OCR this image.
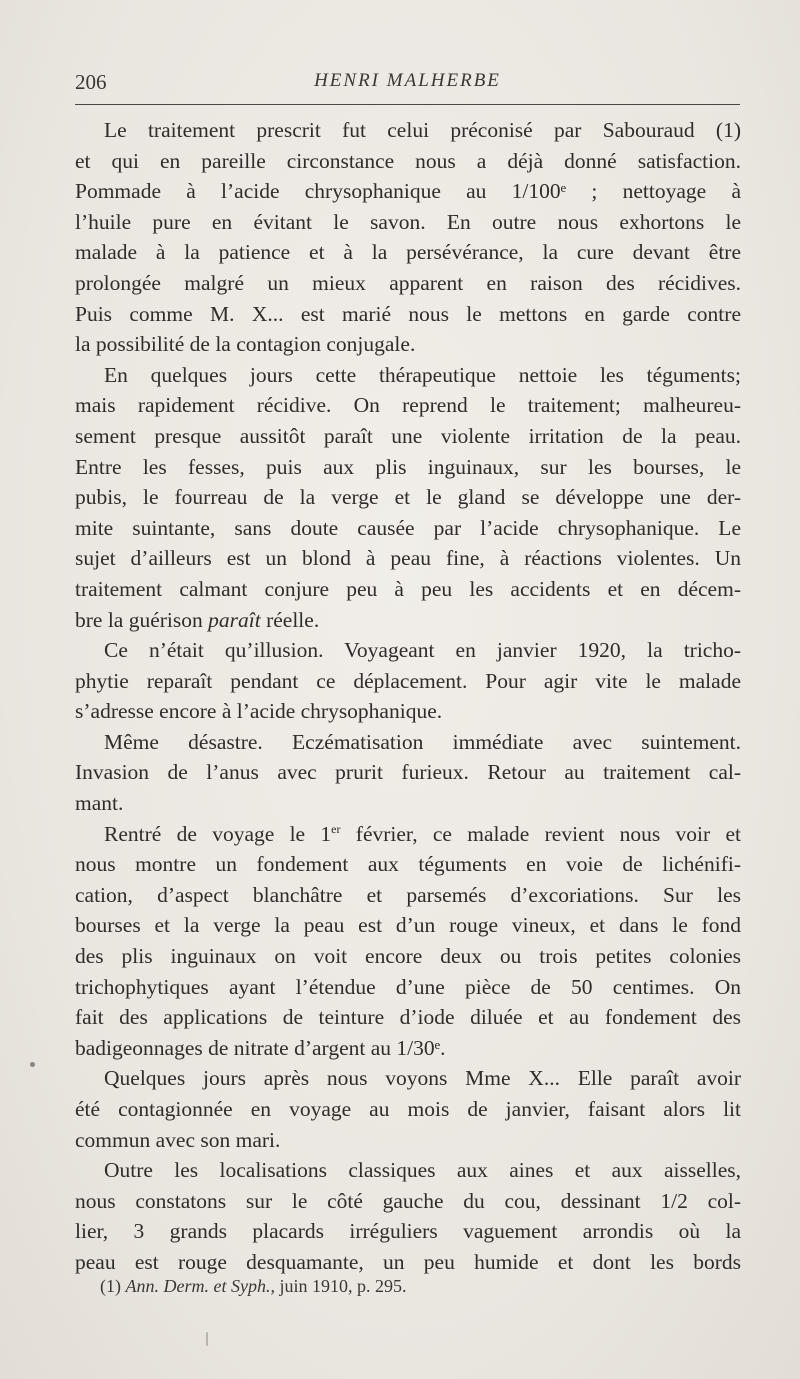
206	HENRI MALHERBE

Le traitement prescrit fut celui préconisé par Sabouraud (1)
et qui en pareille circonstance nous a déjà donné satisfaction.
Pommade à l’acide chrysophanique au 1/100ᵉ ; nettoyage à
l’huile pure en évitant le savon. En outre nous exhortons le
malade à la patience et à la persévérance, la cure devant être
prolongée malgré un mieux apparent en raison des récidives.
Puis comme M. X... est marié nous le mettons en garde contre
la possibilité de la contagion conjugale.

En quelques jours cette thérapeutique nettoie les téguments;
mais rapidement récidive. On reprend le traitement; malheureu-
sement presque aussitôt paraît une violente irritation de la peau.
Entre les fesses, puis aux plis inguinaux, sur les bourses, le
pubis, le fourreau de la verge et le gland se développe une der-
mite suintante, sans doute causée par l’acide chrysophanique. Le
sujet d’ailleurs est un blond à peau fine, à réactions violentes. Un
traitement calmant conjure peu à peu les accidents et en décem-
bre la guérison paraît réelle.

Ce n’était qu’illusion. Voyageant en janvier 1920, la tricho-
phytie reparaît pendant ce déplacement. Pour agir vite le malade
s’adresse encore à l’acide chrysophanique.

Même désastre. Eczématisation immédiate avec suintement.
Invasion de l’anus avec prurit furieux. Retour au traitement cal-
mant.

Rentré de voyage le 1er février, ce malade revient nous voir et
nous montre un fondement aux téguments en voie de lichénifi-
cation, d’aspect blanchâtre et parsemés d’excoriations. Sur les
bourses et la verge la peau est d’un rouge vineux, et dans le fond
des plis inguinaux on voit encore deux ou trois petites colonies
trichophytiques ayant l’étendue d’une pièce de 50 centimes. On
fait des applications de teinture d’iode diluée et au fondement des
badigeonnages de nitrate d’argent au 1/30ᵉ.

Quelques jours après nous voyons Mme X... Elle paraît avoir
été contagionnée en voyage au mois de janvier, faisant alors lit
commun avec son mari.

Outre les localisations classiques aux aines et aux aisselles,
nous constatons sur le côté gauche du cou, dessinant 1/2 col-
lier, 3 grands placards irréguliers vaguement arrondis où la
peau est rouge desquamante, un peu humide et dont les bords

(1) Ann. Derm. et Syph., juin 1910, p. 295.
